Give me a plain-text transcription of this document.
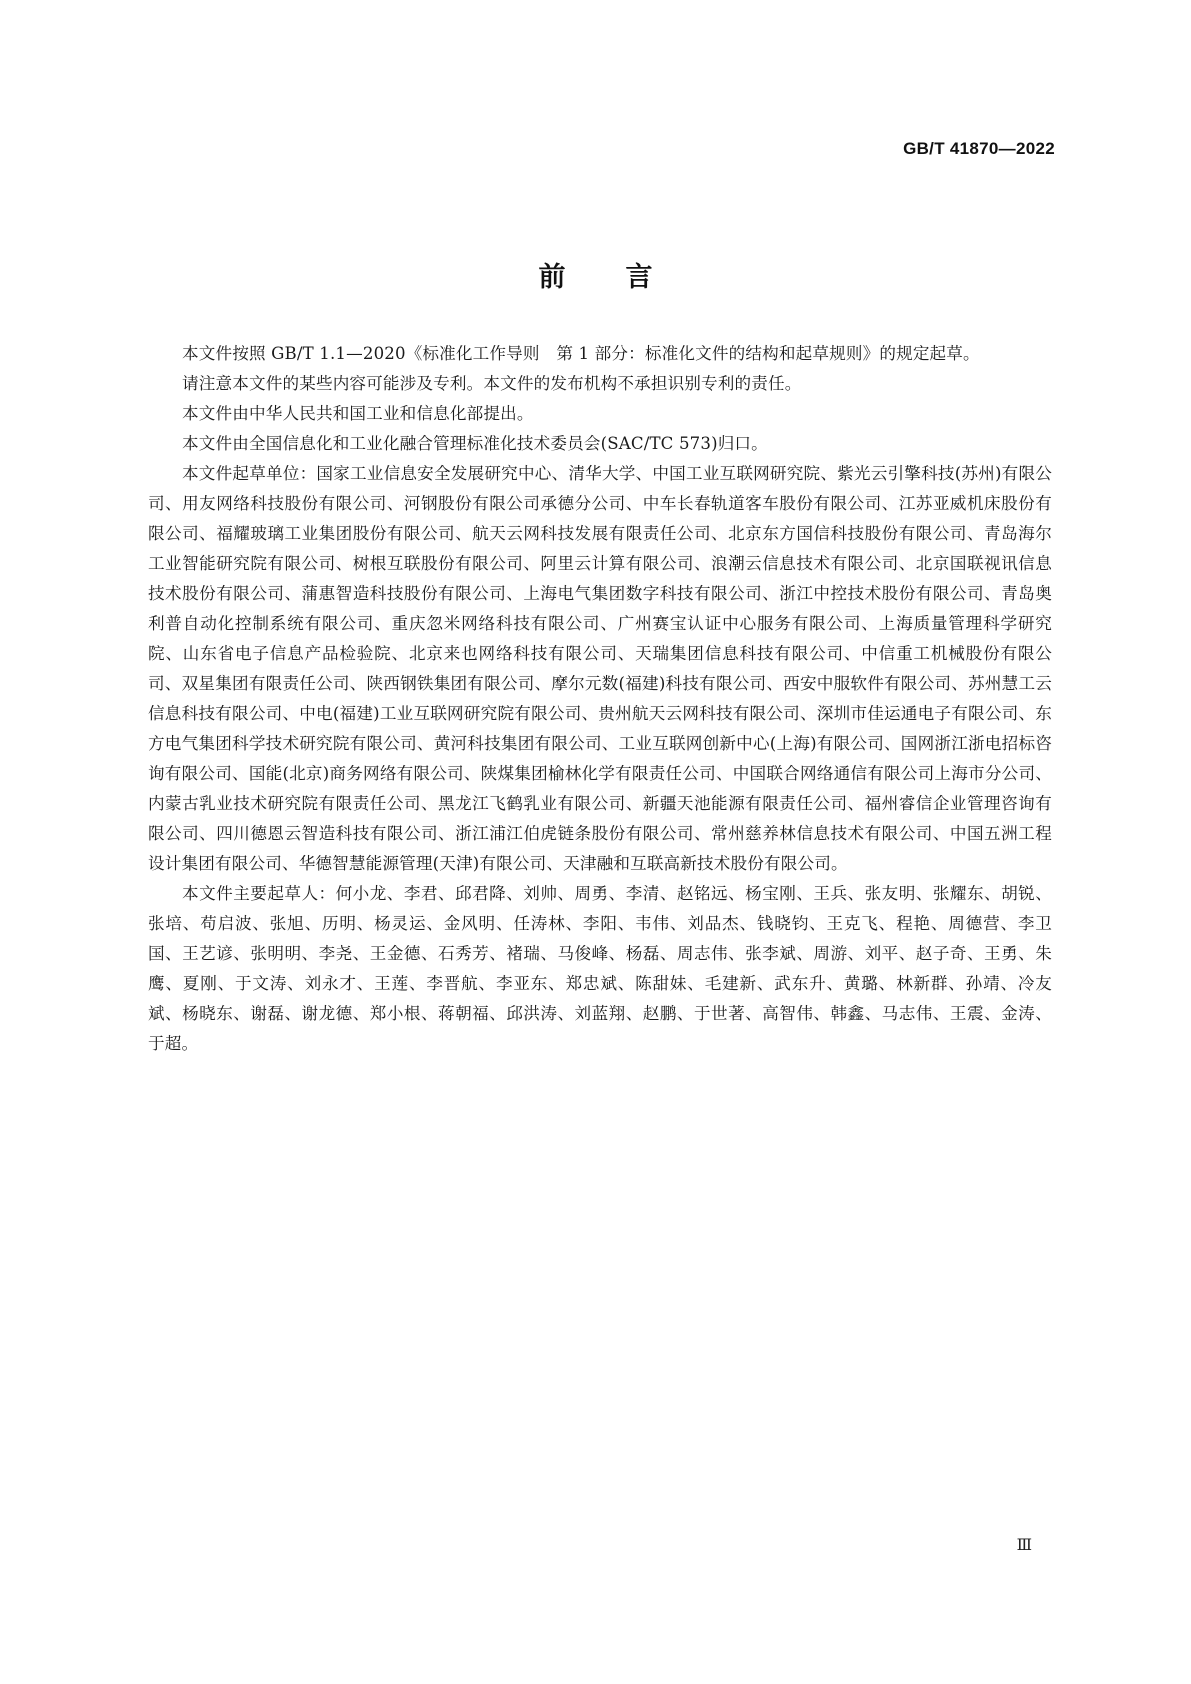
GB/T 41870—2022
前言

本文件按照 GB/T 1.1—2020《标准化工作导则　第 1 部分：标准化文件的结构和起草规则》的规定起草。

请注意本文件的某些内容可能涉及专利。本文件的发布机构不承担识别专利的责任。

本文件由中华人民共和国工业和信息化部提出。

本文件由全国信息化和工业化融合管理标准化技术委员会(SAC/TC 573)归口。

本文件起草单位：国家工业信息安全发展研究中心、清华大学、中国工业互联网研究院、紫光云引擎科技(苏州)有限公司、用友网络科技股份有限公司、河钢股份有限公司承德分公司、中车长春轨道客车股份有限公司、江苏亚威机床股份有限公司、福耀玻璃工业集团股份有限公司、航天云网科技发展有限责任公司、北京东方国信科技股份有限公司、青岛海尔工业智能研究院有限公司、树根互联股份有限公司、阿里云计算有限公司、浪潮云信息技术有限公司、北京国联视讯信息技术股份有限公司、蒲惠智造科技股份有限公司、上海电气集团数字科技有限公司、浙江中控技术股份有限公司、青岛奥利普自动化控制系统有限公司、重庆忽米网络科技有限公司、广州赛宝认证中心服务有限公司、上海质量管理科学研究院、山东省电子信息产品检验院、北京来也网络科技有限公司、天瑞集团信息科技有限公司、中信重工机械股份有限公司、双星集团有限责任公司、陕西钢铁集团有限公司、摩尔元数(福建)科技有限公司、西安中服软件有限公司、苏州慧工云信息科技有限公司、中电(福建)工业互联网研究院有限公司、贵州航天云网科技有限公司、深圳市佳运通电子有限公司、东方电气集团科学技术研究院有限公司、黄河科技集团有限公司、工业互联网创新中心(上海)有限公司、国网浙江浙电招标咨询有限公司、国能(北京)商务网络有限公司、陕煤集团榆林化学有限责任公司、中国联合网络通信有限公司上海市分公司、内蒙古乳业技术研究院有限责任公司、黑龙江飞鹤乳业有限公司、新疆天池能源有限责任公司、福州睿信企业管理咨询有限公司、四川德恩云智造科技有限公司、浙江浦江伯虎链条股份有限公司、常州慈养林信息技术有限公司、中国五洲工程设计集团有限公司、华德智慧能源管理(天津)有限公司、天津融和互联高新技术股份有限公司。

本文件主要起草人：何小龙、李君、邱君降、刘帅、周勇、李清、赵铭远、杨宝刚、王兵、张友明、张耀东、胡锐、张培、苟启波、张旭、历明、杨灵运、金风明、任涛林、李阳、韦伟、刘品杰、钱晓钧、王克飞、程艳、周德营、李卫国、王艺谚、张明明、李尧、王金德、石秀芳、褚瑞、马俊峰、杨磊、周志伟、张李斌、周游、刘平、赵子奇、王勇、朱鹰、夏刚、于文涛、刘永才、王莲、李晋航、李亚东、郑忠斌、陈甜妹、毛建新、武东升、黄璐、林新群、孙靖、冷友斌、杨晓东、谢磊、谢龙德、郑小根、蒋朝福、邱洪涛、刘蓝翔、赵鹏、于世著、高智伟、韩鑫、马志伟、王震、金涛、于超。

Ⅲ
